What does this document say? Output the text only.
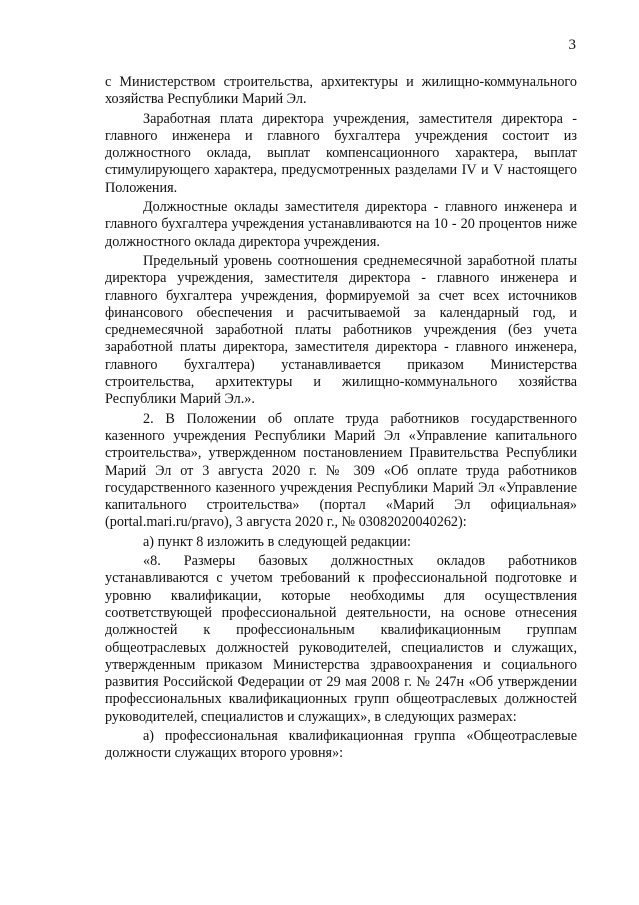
3

с Министерством строительства, архитектуры и жилищно-коммунального хозяйства Республики Марий Эл.

Заработная плата директора учреждения, заместителя директора - главного инженера и главного бухгалтера учреждения состоит из должностного оклада, выплат компенсационного характера, выплат стимулирующего характера, предусмотренных разделами IV и V настоящего Положения.

Должностные оклады заместителя директора - главного инженера и главного бухгалтера учреждения устанавливаются на 10 - 20 процентов ниже должностного оклада директора учреждения.

Предельный уровень соотношения среднемесячной заработной платы директора учреждения, заместителя директора - главного инженера и главного бухгалтера учреждения, формируемой за счет всех источников финансового обеспечения и расчитываемой за календарный год, и среднемесячной заработной платы работников учреждения (без учета заработной платы директора, заместителя директора - главного инженера, главного бухгалтера) устанавливается приказом Министерства строительства, архитектуры и жилищно-коммунального хозяйства Республики Марий Эл.».

2. В Положении об оплате труда работников государственного казенного учреждения Республики Марий Эл «Управление капитального строительства», утвержденном постановлением Правительства Республики Марий Эл от 3 августа 2020 г. № 309 «Об оплате труда работников государственного казенного учреждения Республики Марий Эл «Управление капитального строительства» (портал «Марий Эл официальная» (portal.mari.ru/pravo), 3 августа 2020 г., № 03082020040262):

а) пункт 8 изложить в следующей редакции:

«8. Размеры базовых должностных окладов работников устанавливаются с учетом требований к профессиональной подготовке и уровню квалификации, которые необходимы для осуществления соответствующей профессиональной деятельности, на основе отнесения должностей к профессиональным квалификационным группам общеотраслевых должностей руководителей, специалистов и служащих, утвержденным приказом Министерства здравоохранения и социального развития Российской Федерации от 29 мая 2008 г. № 247н «Об утверждении профессиональных квалификационных групп общеотраслевых должностей руководителей, специалистов и служащих», в следующих размерах:

а) профессиональная квалификационная группа «Общеотраслевые должности служащих второго уровня»:
